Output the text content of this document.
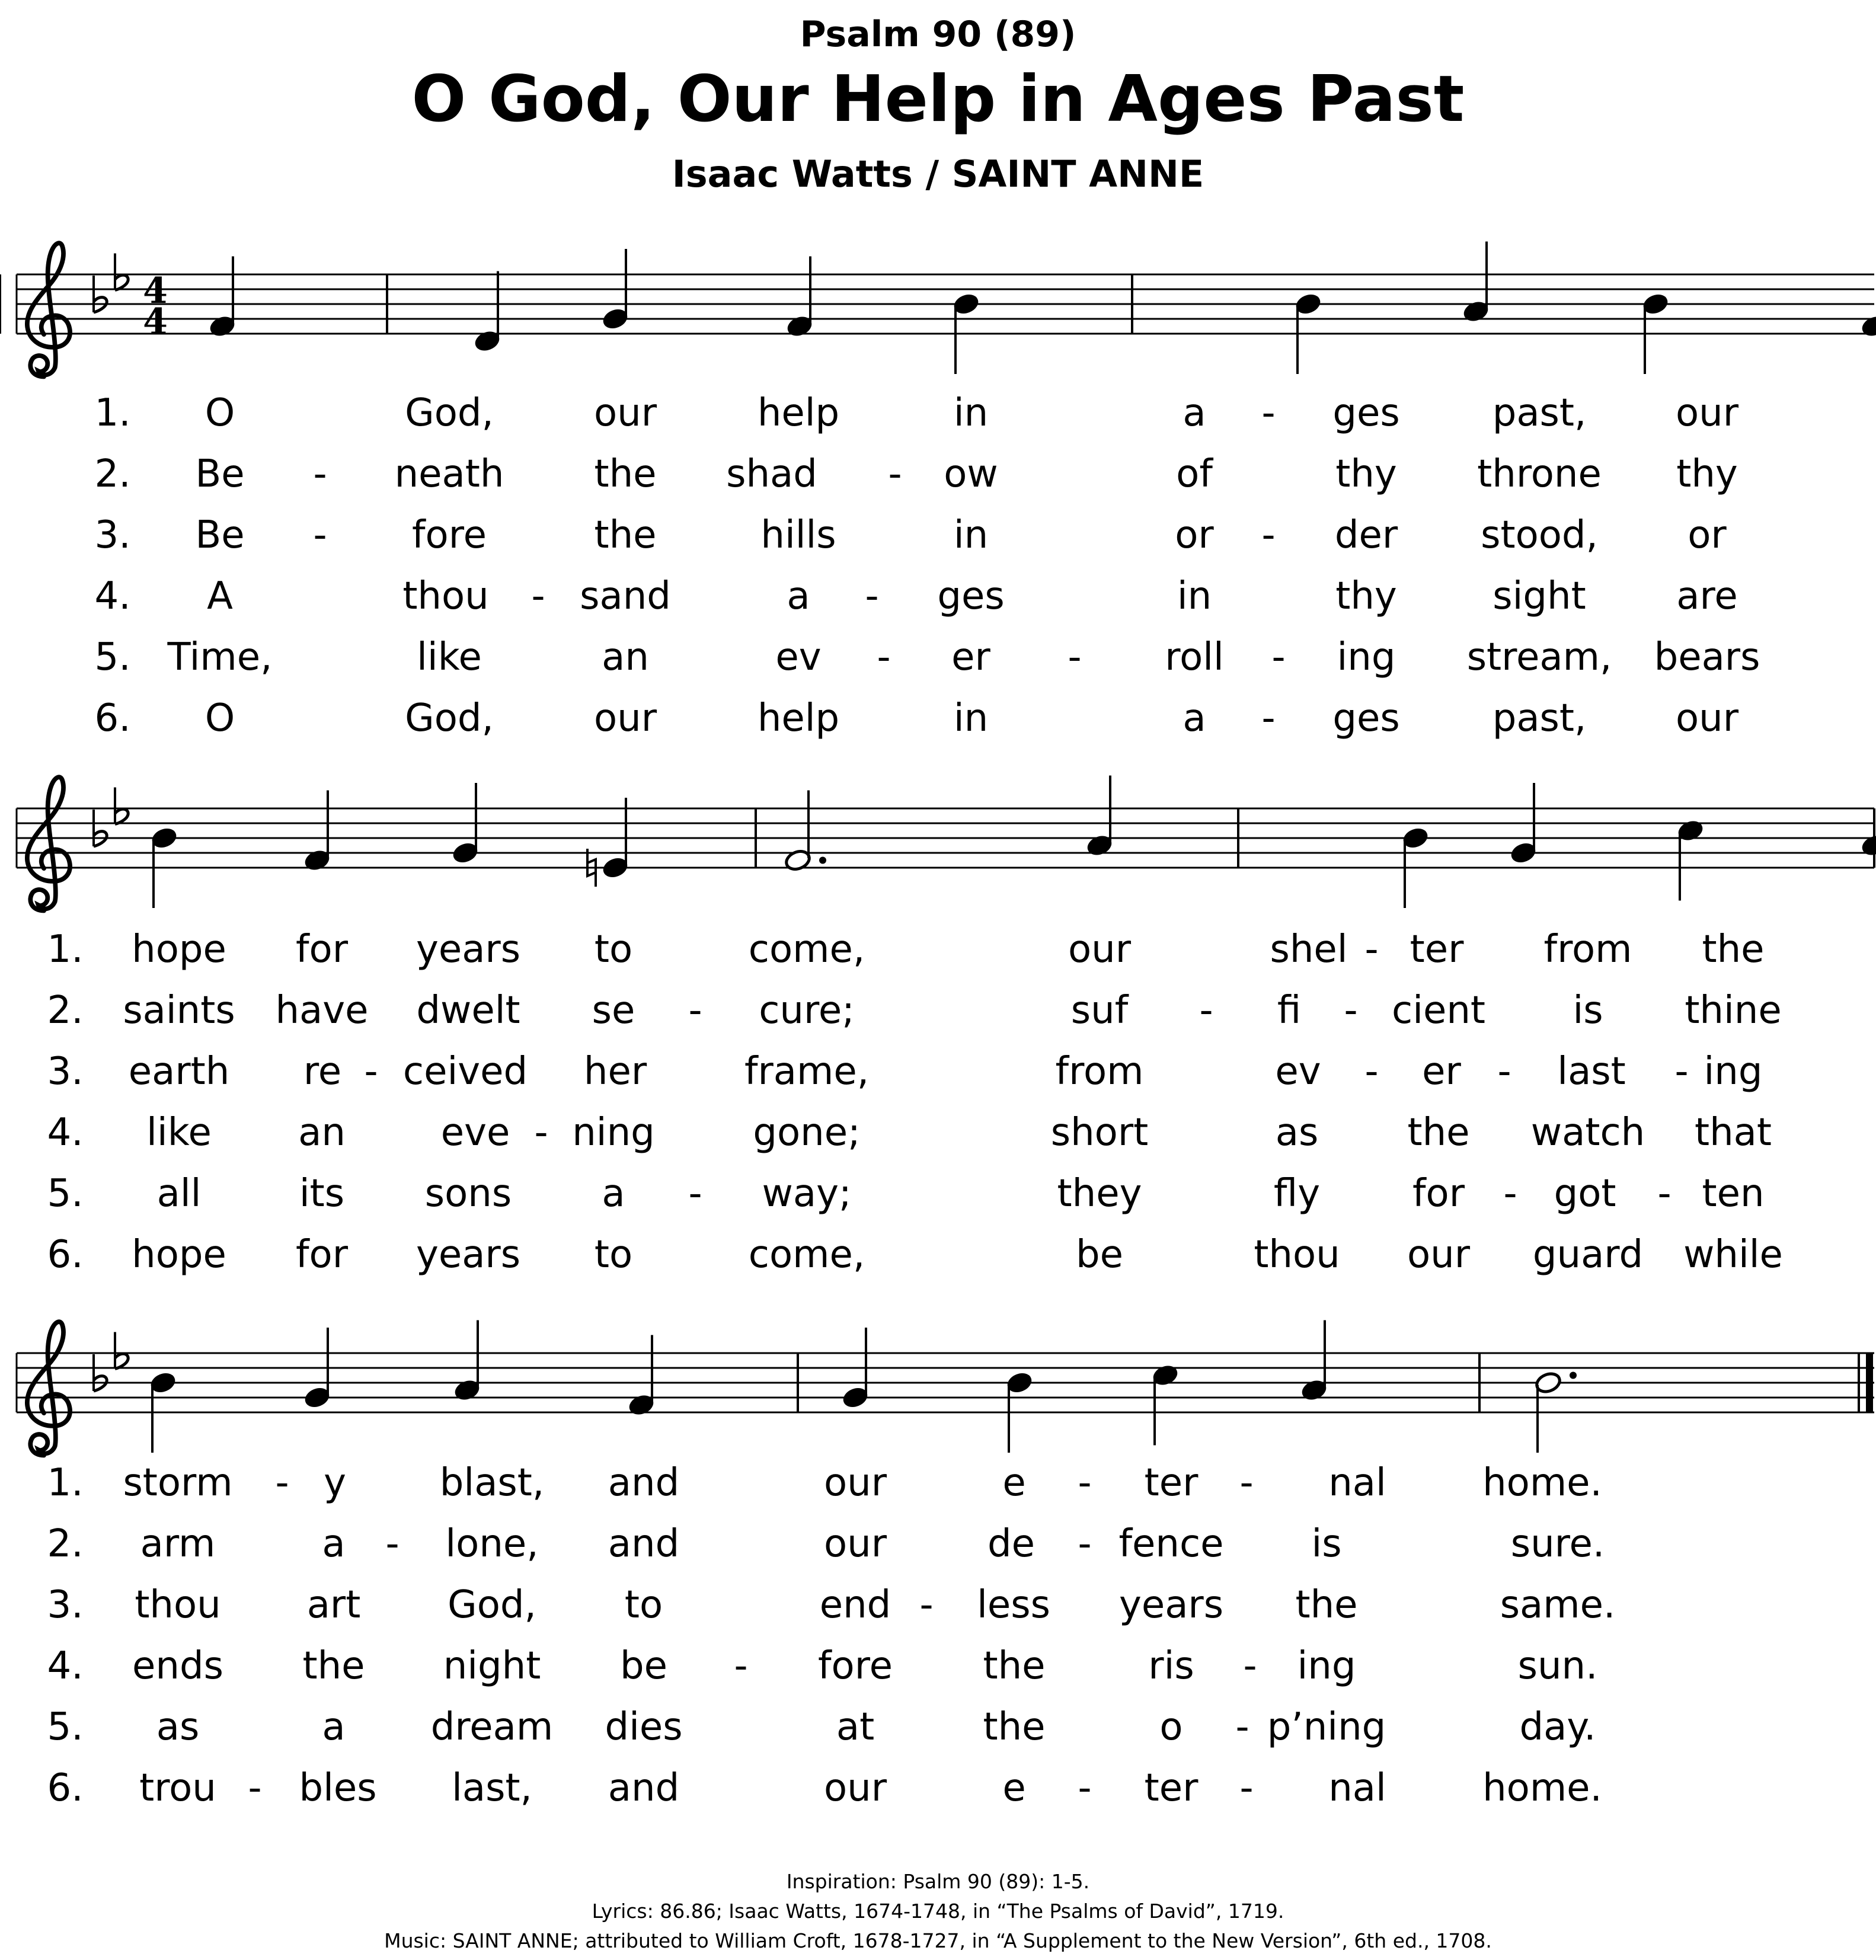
Psalm 90 (89)
O God, Our Help in Ages Past
Isaac Watts / SAINT ANNE
4
4
1. O	God,	our	help	in	a - ges past, our
2. Be - neath the shad - ow	of	thy throne thy
3. Be - fore	the	hills	in	or - der stood, or
4. A	thou - sand	a - ges	in	thy	sight are
5. Time,	like	an	ev - er - roll - ing stream, bears
6. O	God,	our	help	in	a - ges past, our
1. hope for years to	come,	our	shel - ter from the
2. saints have dwelt se - cure;	suf - fi - cient is thine
3. earth re - ceived her	frame,	from	ev - er - last - ing
4. like an	eve - ning	gone;	short	as the watch that
5. all	its sons a - way;	they	fly for - got - ten
6. hope for years to	come,	be	thou our guard while
1. storm - y blast, and	our	e - ter - nal	home.
2. arm	a - lone, and	our	de - fence is	sure.
3. thou art God, to	end - less years the	same.
4. ends the night be - fore the	ris - ing	sun.
5. as	a dream dies	at	the	o - p’ning	day.
6. trou - bles last, and	our	e - ter - nal	home.
Inspiration: Psalm 90 (89): 1-5.
Lyrics: 86.86; Isaac Watts, 1674-1748, in “The Psalms of David”, 1719.
Music: SAINT ANNE; attributed to William Croft, 1678-1727, in “A Supplement to the New Version”, 6th ed., 1708.
